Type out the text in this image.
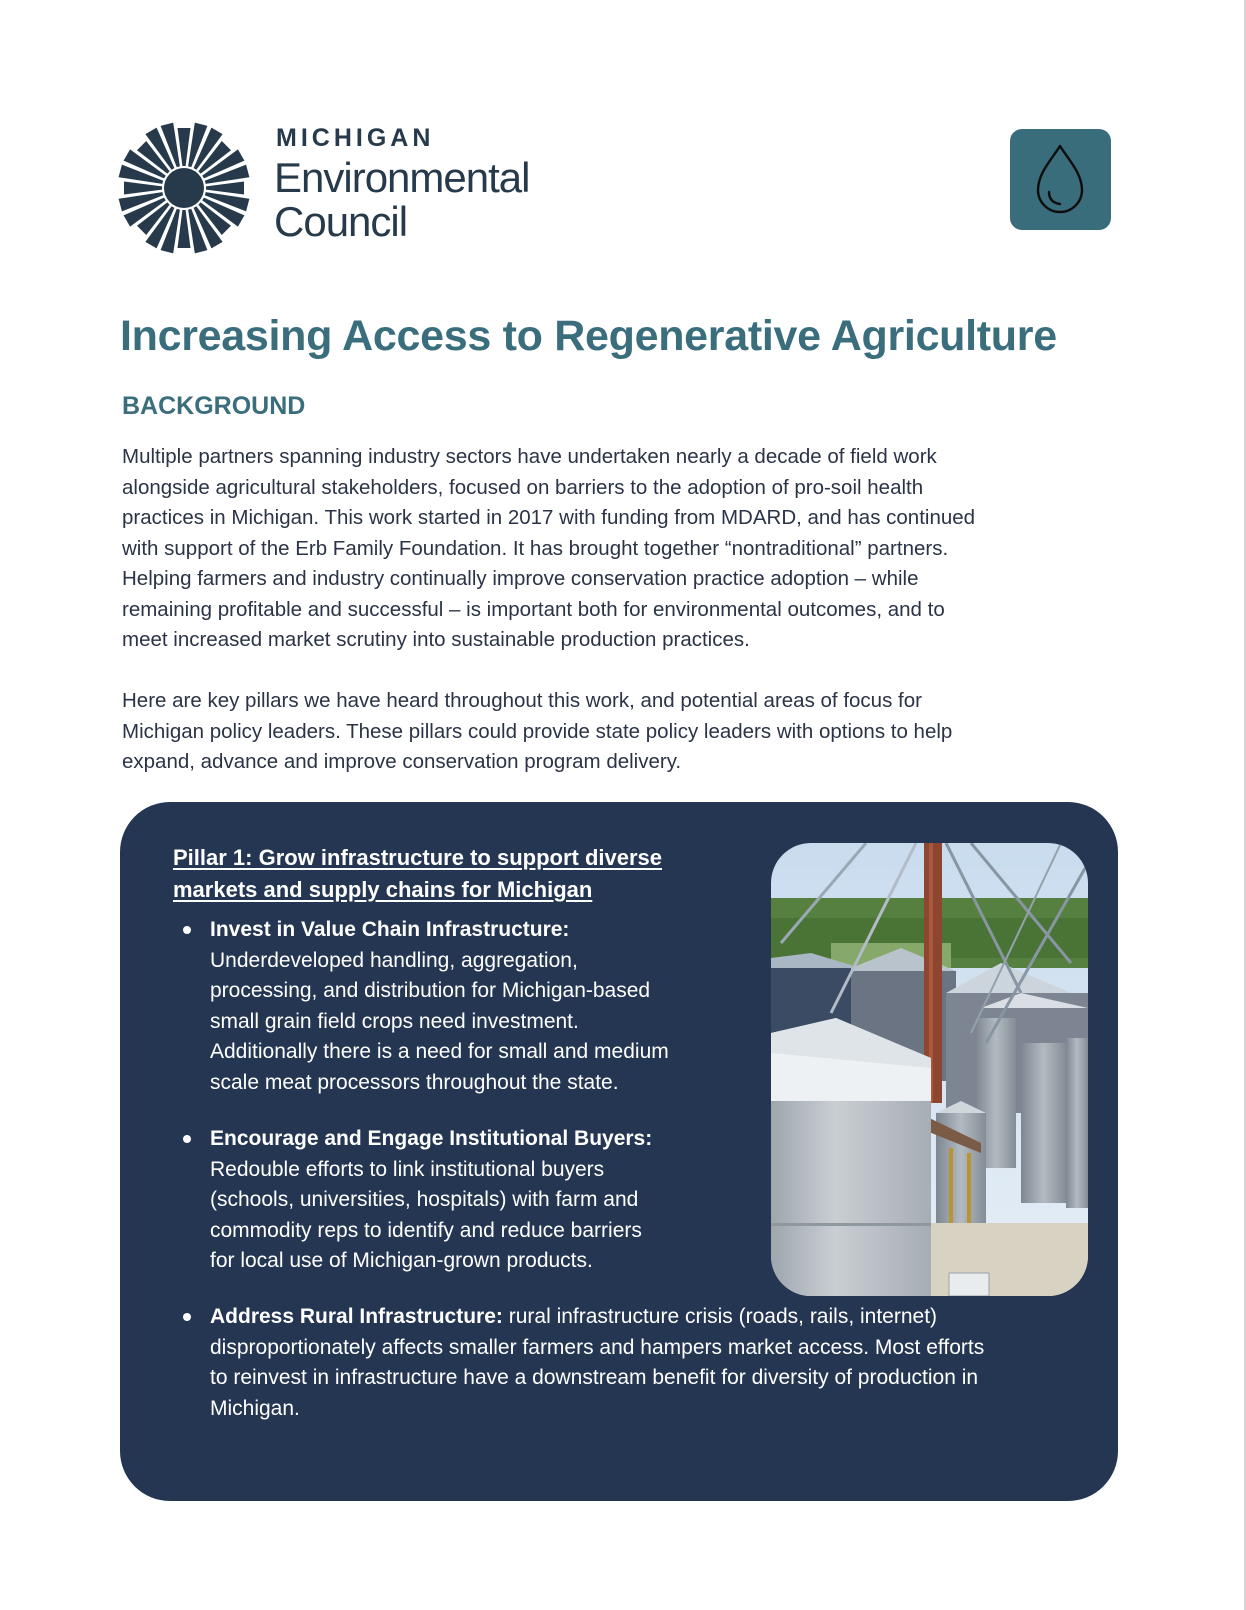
MICHIGAN
Environmental
Council
Increasing Access to Regenerative Agriculture
BACKGROUND
Multiple partners spanning industry sectors have undertaken nearly a decade of field work
alongside agricultural stakeholders, focused on barriers to the adoption of pro-soil health
practices in Michigan. This work started in 2017 with funding from MDARD, and has continued
with support of the Erb Family Foundation. It has brought together “nontraditional” partners.
Helping farmers and industry continually improve conservation practice adoption – while
remaining profitable and successful – is important both for environmental outcomes, and to
meet increased market scrutiny into sustainable production practices.
Here are key pillars we have heard throughout this work, and potential areas of focus for
Michigan policy leaders. These pillars could provide state policy leaders with options to help
expand, advance and improve conservation program delivery.
Pillar 1: Grow infrastructure to support diverse
markets and supply chains for Michigan
Invest in Value Chain Infrastructure:
Underdeveloped handling, aggregation,
processing, and distribution for Michigan-based
small grain field crops need investment.
Additionally there is a need for small and medium
scale meat processors throughout the state.
Encourage and Engage Institutional Buyers:
Redouble efforts to link institutional buyers
(schools, universities, hospitals) with farm and
commodity reps to identify and reduce barriers
for local use of Michigan-grown products.
Address Rural Infrastructure: rural infrastructure crisis (roads, rails, internet)
disproportionately affects smaller farmers and hampers market access. Most efforts
to reinvest in infrastructure have a downstream benefit for diversity of production in
Michigan.
